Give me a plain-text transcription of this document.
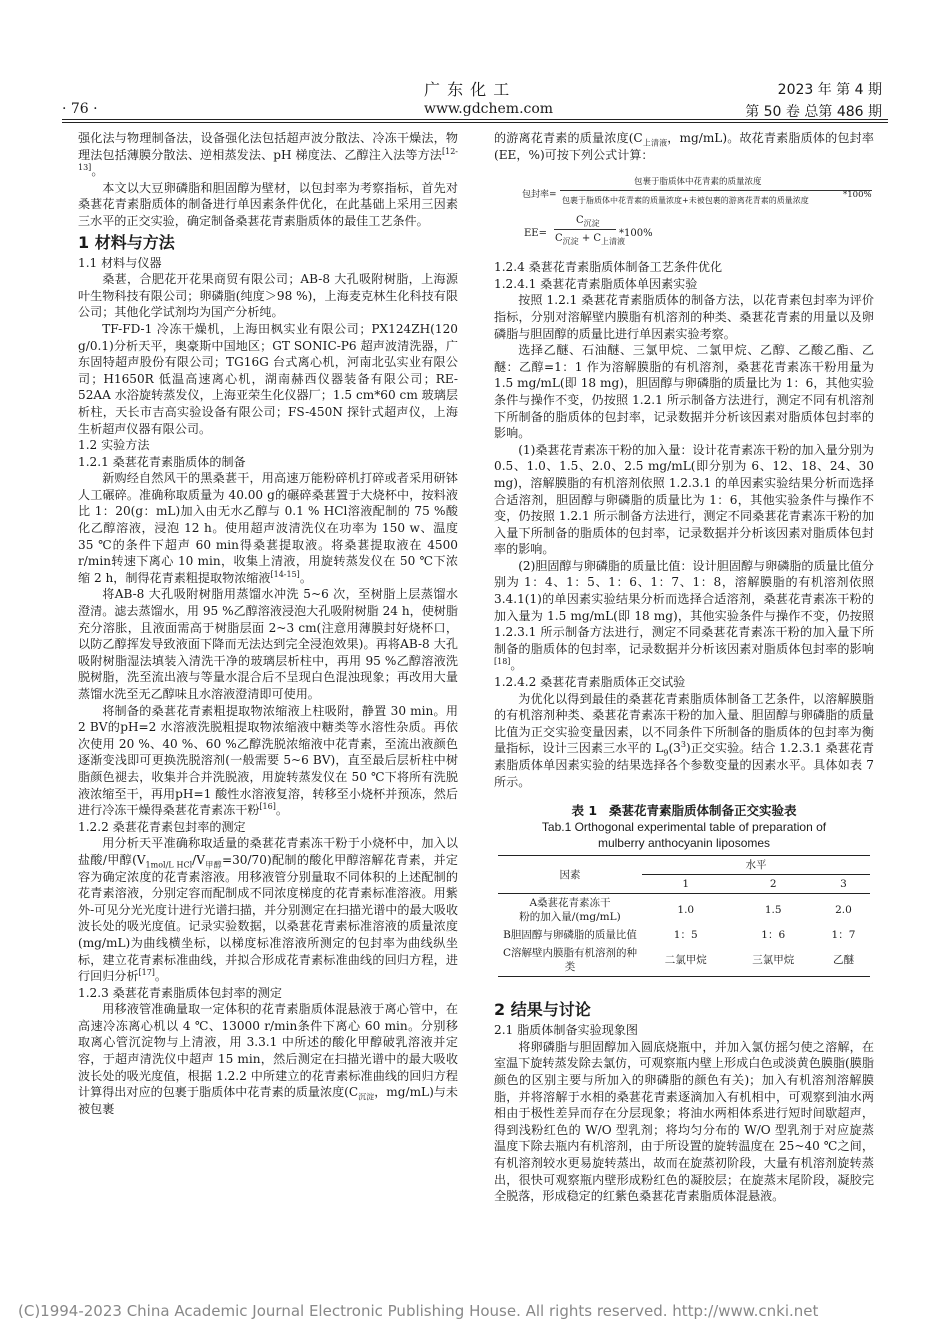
广 东 化 工	2023 年 第 4 期
· 76 ·	www.gdchem.com	第 50 卷 总第 486 期

强化法与物理制备法，设备强化法包括超声波分散法、冷冻干燥法，物理法包括薄膜分散法、逆相蒸发法、pH 梯度法、乙醇注入法等方法[12-13]。

本文以大豆卵磷脂和胆固醇为壁材，以包封率为考察指标，首先对桑葚花青素脂质体的制备进行单因素条件优化，在此基础上采用三因素三水平的正交实验，确定制备桑葚花青素脂质体的最佳工艺条件。

1 材料与方法

1.1 材料与仪器

桑葚，合肥花开花果商贸有限公司；AB-8 大孔吸附树脂，上海源叶生物科技有限公司；卵磷脂(纯度＞98 %)，上海麦克林生化科技有限公司；其他化学试剂均为国产分析纯。

TF-FD-1 冷冻干燥机，上海田枫实业有限公司；PX124ZH(120 g/0.1)分析天平，奥豪斯中国地区；GT SONIC-P6 超声波清洗器，广东固特超声股份有限公司；TG16G 台式离心机，河南北弘实业有限公司；H1650R 低温高速离心机，湖南赫西仪器装备有限公司；RE-52AA 水浴旋转蒸发仪，上海亚荣生化仪器厂；1.5 cm*60 cm 玻璃层析柱，天长市吉高实验设备有限公司；FS-450N 探针式超声仪，上海生析超声仪器有限公司。

1.2 实验方法

1.2.1 桑葚花青素脂质体的制备

新购经自然风干的黑桑葚干，用高速万能粉碎机打碎或者采用研钵人工碾碎。准确称取质量为 40.00 g的碾碎桑葚置于大烧杯中，按料液比 1：20(g：mL)加入由无水乙醇与 0.1 % HCl溶液配制的 75 %酸化乙醇溶液，浸泡 12 h。使用超声波清洗仪在功率为 150 w、温度 35 ℃的条件下超声 60 min得桑葚提取液。将桑葚提取液在 4500 r/min转速下离心 10 min，收集上清液，用旋转蒸发仪在 50 ℃下浓缩 2 h，制得花青素粗提取物浓缩液[14-15]。

将AB-8 大孔吸附树脂用蒸馏水冲洗 5~6 次，至树脂上层蒸馏水澄清。滤去蒸馏水，用 95 %乙醇溶液浸泡大孔吸附树脂 24 h，使树脂充分溶胀，且液面需高于树脂层面 2~3 cm(注意用薄膜封好烧杯口，以防乙醇挥发导致液面下降而无法达到完全浸泡效果)。再将AB-8 大孔吸附树脂湿法填装入清洗干净的玻璃层析柱中，再用 95 %乙醇溶液洗脱树脂，洗至流出液与等量水混合后不呈现白色混浊现象；再改用大量蒸馏水洗至无乙醇味且水溶液澄清即可使用。

将制备的桑葚花青素粗提取物浓缩液上柱吸附，静置 30 min。用 2 BV的pH=2 水溶液洗脱粗提取物浓缩液中糖类等水溶性杂质。再依次使用 20 %、40 %、60 %乙醇洗脱浓缩液中花青素，至流出液颜色逐渐变浅即可更换洗脱溶剂(一般需要 5~6 BV)，直至最后层析柱中树脂颜色褪去，收集并合并洗脱液，用旋转蒸发仪在 50 ℃下将所有洗脱液浓缩至干，再用pH=1 酸性水溶液复溶，转移至小烧杯并预冻，然后进行冷冻干燥得桑葚花青素冻干粉[16]。

1.2.2 桑葚花青素包封率的测定

用分析天平准确称取适量的桑葚花青素冻干粉于小烧杯中，加入以盐酸/甲醇$(V_{1mol/L HCl}/V_{甲醇}=30/70)$配制的酸化甲醇溶解花青素，并定容为确定浓度的花青素溶液。用移液管分别量取不同体积的上述配制的花青素溶液，分别定容而配制成不同浓度梯度的花青素标准溶液。用紫外-可见分光光度计进行光谱扫描，并分别测定在扫描光谱中的最大吸收波长处的吸光度值。记录实验数据，以桑葚花青素标准溶液的质量浓度(mg/mL)为曲线横坐标，以梯度标准溶液所测定的包封率为曲线纵坐标，建立花青素标准曲线，并拟合形成花青素标准曲线的回归方程，进行回归分析[17]。

1.2.3 桑葚花青素脂质体包封率的测定

用移液管准确量取一定体积的花青素脂质体混悬液于离心管中，在高速冷冻离心机以 4 ℃、13000 r/min条件下离心 60 min。分别移取离心管沉淀物与上清液，用 3.3.1 中所述的酸化甲醇破乳溶液并定容，于超声清洗仪中超声 15 min，然后测定在扫描光谱中的最大吸收波长处的吸光度值，根据 1.2.2 中所建立的花青素标准曲线的回归方程计算得出对应的包裹于脂质体中花青素的质量浓度($C_{沉淀}$，mg/mL)与未被包裹

的游离花青素的质量浓度($C_{上清液}$，mg/mL)。故花青素脂质体的包封率(EE，%)可按下列公式计算：

包封率=
包裹于脂质体中花青素的质量浓度
包裹于脂质体中花青素的质量浓度+未被包裹的游离花青素的质量浓度
*100%
EE=
$C_{沉淀}$
$C_{沉淀} + C_{上清液}$
*100%

1.2.4 桑葚花青素脂质体制备工艺条件优化

1.2.4.1 桑葚花青素脂质体单因素实验

按照 1.2.1 桑葚花青素脂质体的制备方法，以花青素包封率为评价指标，分别对溶解壁内膜脂有机溶剂的种类、桑葚花青素的用量以及卵磷脂与胆固醇的质量比进行单因素实验考察。

选择乙醚、石油醚、三氯甲烷、二氯甲烷、乙醇、乙酸乙酯、乙醚：乙醇=1：1 作为溶解膜脂的有机溶剂，桑葚花青素冻干粉用量为 1.5 mg/mL(即 18 mg)，胆固醇与卵磷脂的质量比为 1：6，其他实验条件与操作不变，仍按照 1.2.1 所示制备方法进行，测定不同有机溶剂下所制备的脂质体的包封率，记录数据并分析该因素对脂质体包封率的影响。

(1)桑葚花青素冻干粉的加入量：设计花青素冻干粉的加入量分别为 0.5、1.0、1.5、2.0、2.5 mg/mL(即分别为 6、12、18、24、30 mg)，溶解膜脂的有机溶剂依照 1.2.3.1 的单因素实验结果分析而选择合适溶剂，胆固醇与卵磷脂的质量比为 1：6，其他实验条件与操作不变，仍按照 1.2.1 所示制备方法进行，测定不同桑葚花青素冻干粉的加入量下所制备的脂质体的包封率，记录数据并分析该因素对脂质体包封率的影响。

(2)胆固醇与卵磷脂的质量比值：设计胆固醇与卵磷脂的质量比值分别为 1：4、1：5、1：6、1：7、1：8，溶解膜脂的有机溶剂依照 3.4.1(1)的单因素实验结果分析而选择合适溶剂，桑葚花青素冻干粉的加入量为 1.5 mg/mL(即 18 mg)，其他实验条件与操作不变，仍按照 1.2.3.1 所示制备方法进行，测定不同桑葚花青素冻干粉的加入量下所制备的脂质体的包封率，记录数据并分析该因素对脂质体包封率的影响[18]。

1.2.4.2 桑葚花青素脂质体正交试验

为优化以得到最佳的桑葚花青素脂质体制备工艺条件，以溶解膜脂的有机溶剂种类、桑葚花青素冻干粉的加入量、胆固醇与卵磷脂的质量比值为正交实验变量因素，以不同条件下所制备的脂质体的包封率为衡量指标，设计三因素三水平的 $L_9(3^3)$正交实验。结合 1.2.3.1 桑葚花青素脂质体单因素实验的结果选择各个参数变量的因素水平。具体如表 7 所示。

表 1 桑葚花青素脂质体制备正交实验表
Tab.1 Orthogonal experimental table of preparation of
mulberry anthocyanin liposomes
因素	水平		
	1	2	3
A桑葚花青素冻干
粉的加入量/(mg/mL)	1.0	1.5	2.0
B胆固醇与卵磷脂的质量比值	1：5	1：6	1：7
C溶解壁内膜脂有机溶剂的种类	二氯甲烷	三氯甲烷	乙醚
2 结果与讨论

2.1 脂质体制备实验现象图

将卵磷脂与胆固醇加入圆底烧瓶中，并加入氯仿摇匀使之溶解，在室温下旋转蒸发除去氯仿，可观察瓶内壁上形成白色或淡黄色膜脂(膜脂颜色的区别主要与所加入的卵磷脂的颜色有关)；加入有机溶剂溶解膜脂，并将溶解于水相的桑葚花青素逐滴加入有机相中，可观察到油水两相由于极性差异而存在分层现象；将油水两相体系进行短时间歇超声，得到浅粉红色的 W/O 型乳剂；将均匀分布的 W/O 型乳剂于对应旋蒸温度下除去瓶内有机溶剂，由于所设置的旋转温度在 25~40 ℃之间，有机溶剂较水更易旋转蒸出，故而在旋蒸初阶段，大量有机溶剂旋转蒸出，很快可观察瓶内壁形成粉红色的凝胶层；在旋蒸末尾阶段，凝胶完全脱落，形成稳定的红紫色桑葚花青素脂质体混悬液。

(C)1994-2023 China Academic Journal Electronic Publishing House. All rights reserved. http://www.cnki.net
